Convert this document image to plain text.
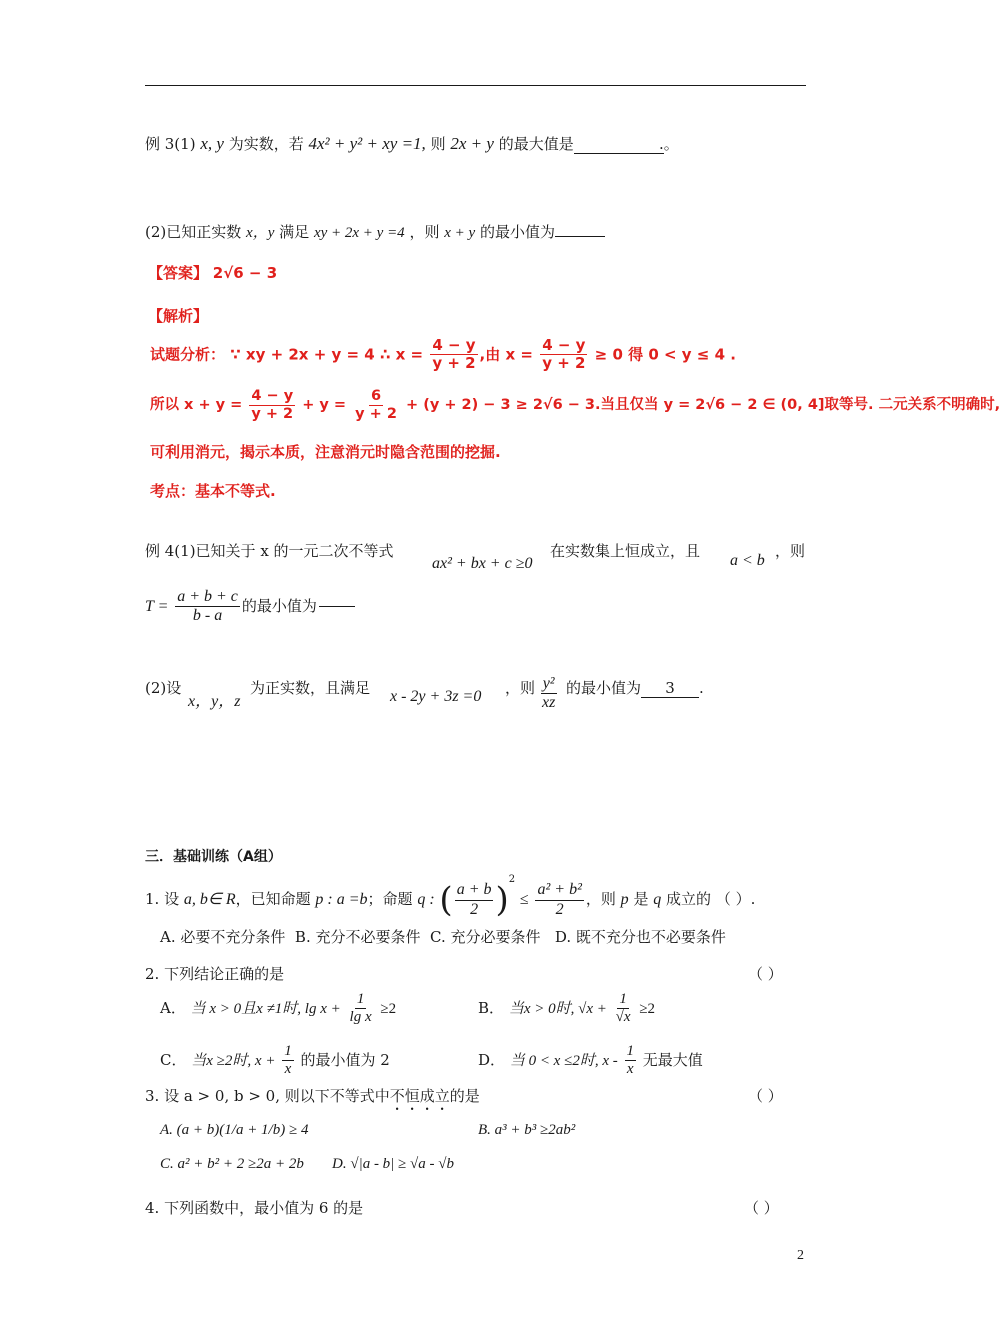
例 3(1) x, y 为实数，若 4x² + y² + xy =1, 则 2x + y 的最大值是	.。
(2)已知正实数 x，y 满足 xy + 2x + y =4 ，则 x + y 的最小值为
【答案】 2√6 − 3
【解析】
试题分析： ∵ xy + 2x + y = 4 ∴ $x = \frac{4 - y}{y + 2}$ ,由 $x = \frac{4 - y}{y + 2} \ge 0$ 得 0 < y ≤ 4 .
所以 $x + y = \frac{4 - y}{y + 2} + y = \frac{6}{y + 2} + (y + 2) - 3 \ge 2√6 - 3$.当且仅当 y = 2√6 − 2 ∈ (0, 4]取等号. 二元关系不明确时,
可利用消元，揭示本质，注意消元时隐含范围的挖掘.
考点：基本不等式.
例 4(1)已知关于 x 的一元二次不等式
ax² + bx + c ≥0
在实数集上恒成立，且
a < b
，则
$T = \frac{a + b + c}{b - a}$ 的最小值为
(2)设
x，y，z
为正实数，且满足 x - 2y + 3z =0 ，则 $\frac{\text{y²}}{xz}$ 的最小值为 3 .
三．基础训练（A组）
1. 设 a, b∈ R，已知命题 p : a =b；命题 q : ( $\frac{a + b}{2} )^2 \le \frac{\text{a² + b²}}{2}$ ，则 p 是 q 成立的 （ ）.
A. 必要不充分条件 B. 充分不必要条件 C. 充分必要条件 D. 既不充分也不必要条件
2. 下列结论正确的是	（ ）
A． 当 x > 0且x ≠1时, $\lg x + \frac{1}{\text{lg x}} \ge 2$	B． 当x > 0时, $√x + \frac{1}{√x} \ge 2$
C． 当x ≥2时, $x + \frac{1}{x}$ 的最小值为 2	D． 当 0 < x ≤2时, x - $\frac{1}{x}$ 无最大值
3. 设 a > 0, b > 0, 则以下不等式中不恒成立的是	（ ）
A. (a + b)(1/a + 1/b) ≥ 4	B. a³ + b³ ≥2ab²
C. a² + b² + 2 ≥2a + 2b D. √|a - b| ≥ √a - √b
4. 下列函数中，最小值为 6 的是	（ ）
2
